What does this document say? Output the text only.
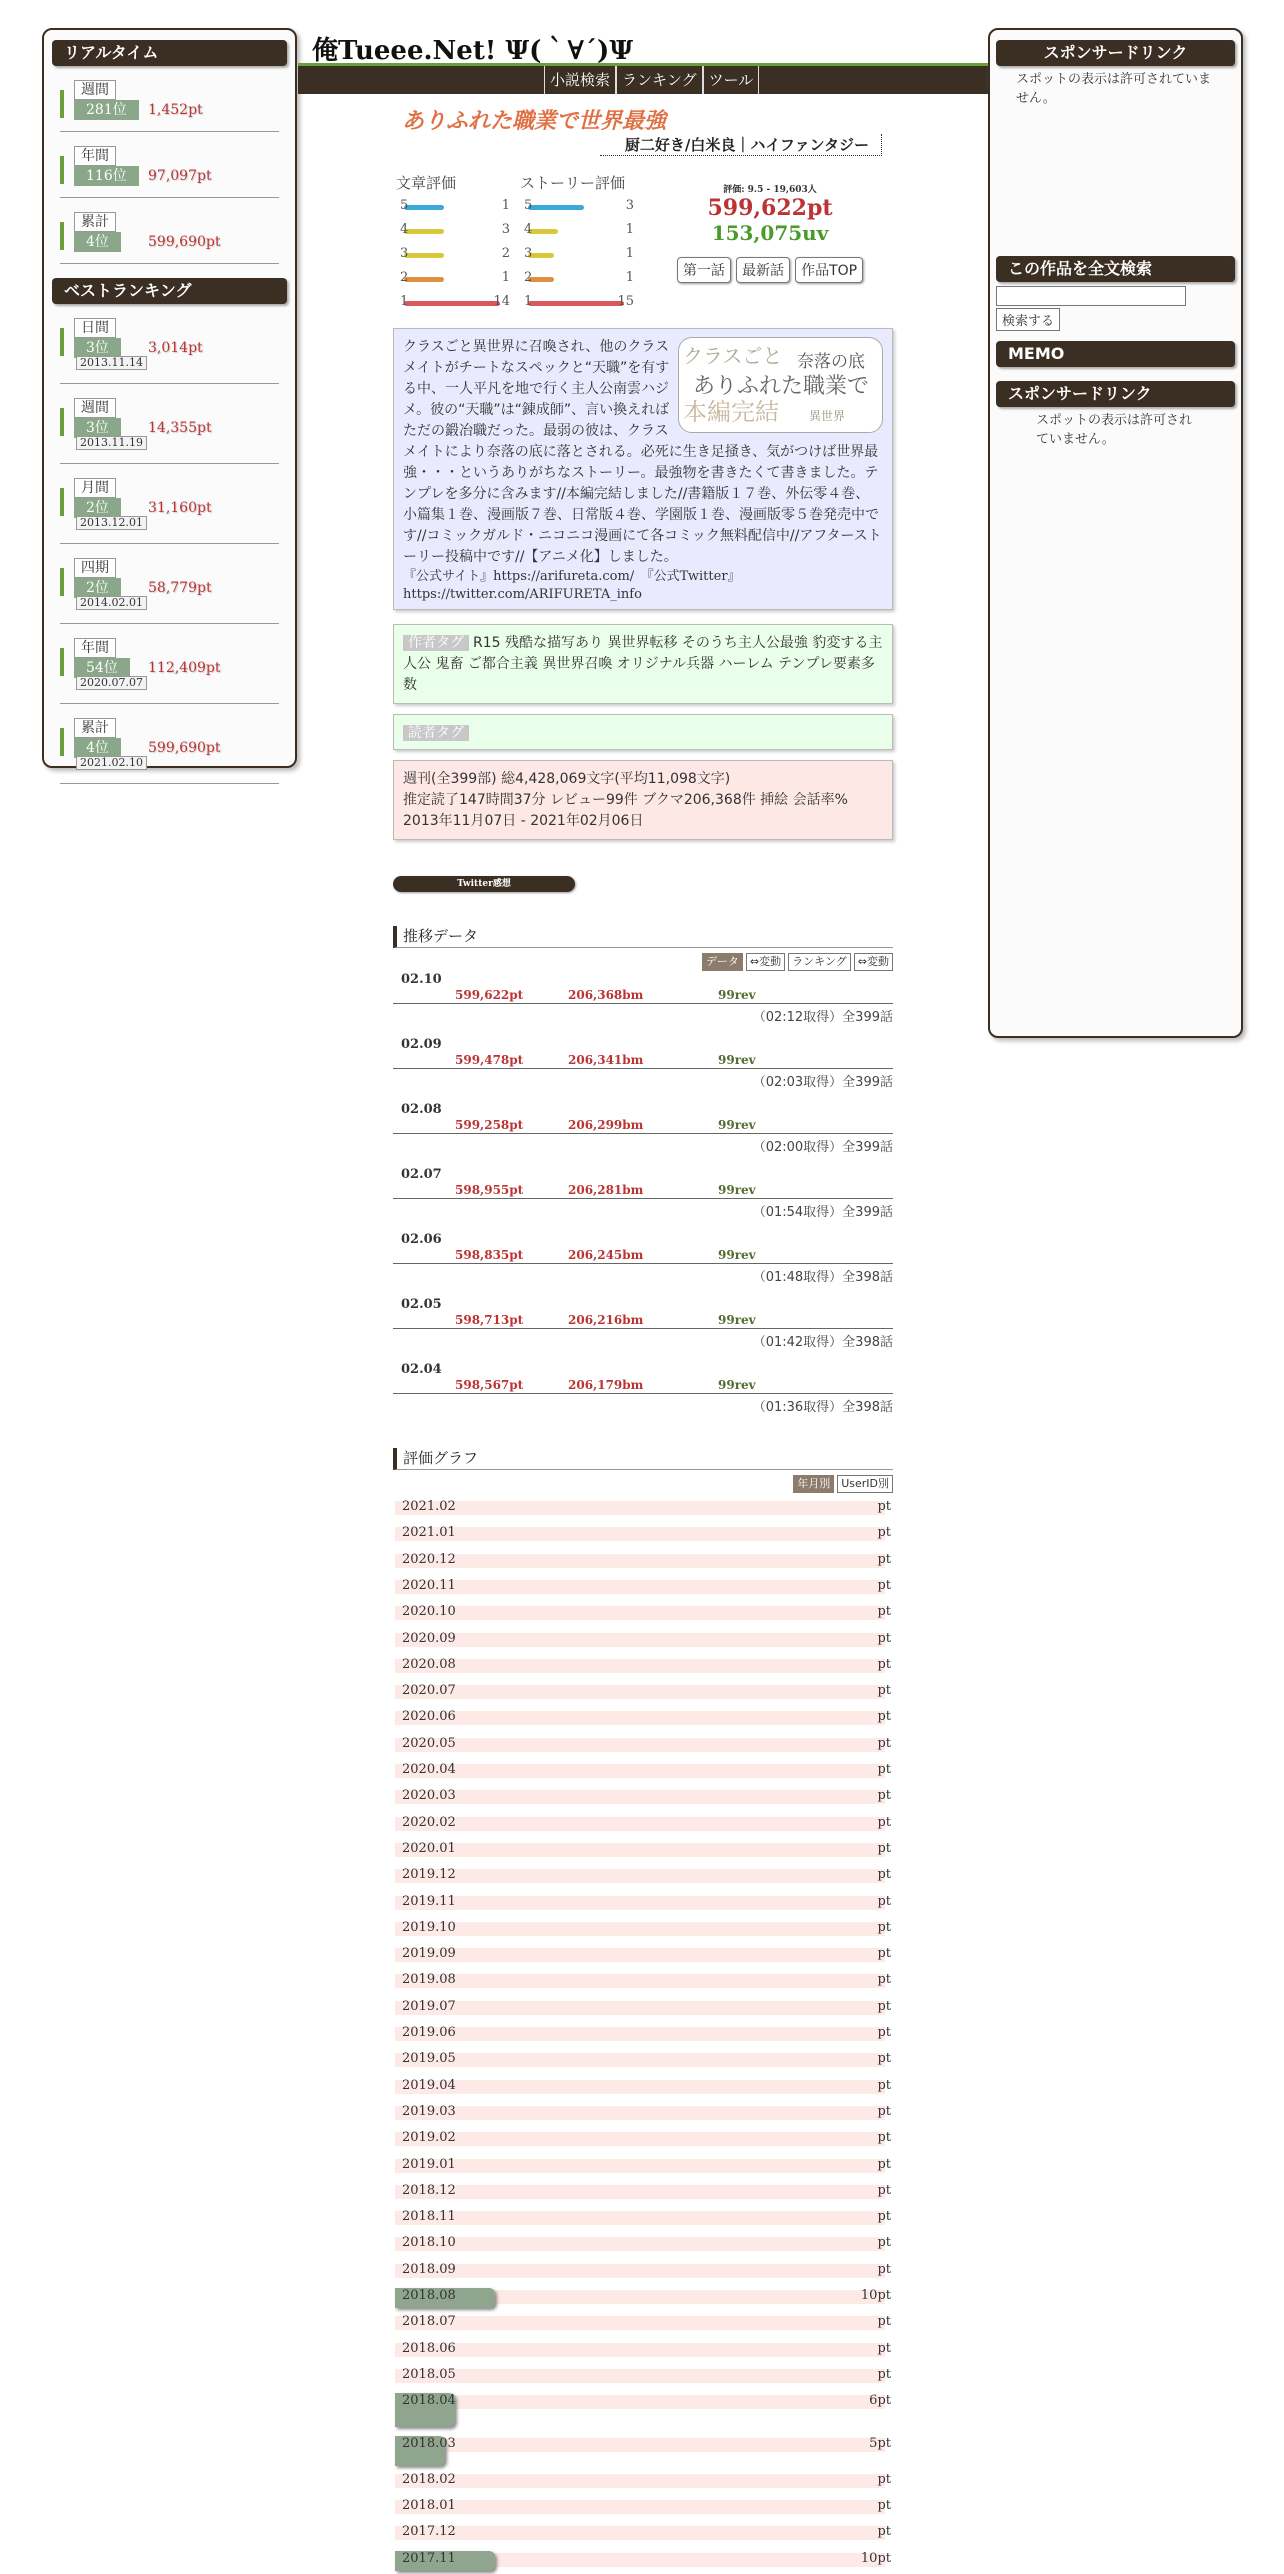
リアルタイム
週間
281位	1,452pt
年間
116位	97,097pt
累計
4位	599,690pt
ベストランキング
日間
3位	3,014pt
2013.11.14
週間
3位	14,355pt
2013.11.19
月間
2位	31,160pt
2013.12.01
四期
2位	58,779pt
2014.02.01
年間
54位	112,409pt
2020.07.07
累計
4位	599,690pt
2021.02.10
俺Tueee.Net! Ψ(｀∀´)Ψ
小説検索 ランキング ツール
ありふれた職業で世界最強
厨二好き/白米良｜ハイファンタジー
文章評価	ストーリー評価
5	1
4	3
3	2
2	1
1	14
5	3
4	1
3	1
2	1
1	15
評価: 9.5 - 19,603人
599,622pt
153,075uv
第一話 最新話 作品TOP
クラスごと 奈落の底
ありふれた職業で
本編完結	異世界
クラスごと異世界に召喚され、他のクラスメイトがチートなスペックと“天職”を有する中、一人平凡を地で行く主人公南雲ハジメ。彼の“天職”は“錬成師”、言い換えればただの鍛冶職だった。最弱の彼は、クラスメイトにより奈落の底に落とされる。必死に生き足掻き、気がつけば世界最強・・・というありがちなストーリー。最強物を書きたくて書きました。テンプレを多分に含みます//本編完結しました//書籍版１７巻、外伝零４巻、小篇集１巻、漫画版７巻、日常版４巻、学園版１巻、漫画版零５巻発売中です//コミックガルド・ニコニコ漫画にて各コミック無料配信中//アフターストーリー投稿中です//【アニメ化】しました。
『公式サイト』https://arifureta.com/　『公式Twitter』https://twitter.com/ARIFURETA_info
作者タグ R15 残酷な描写あり 異世界転移 そのうち主人公最強 豹変する主人公 鬼畜 ご都合主義 異世界召喚 オリジナル兵器 ハーレム テンプレ要素多数
読者タグ
週刊(全399部) 総4,428,069文字(平均11,098文字)
推定読了147時間37分 レビュー99件 ブクマ206,368件 挿絵 会話率%
2013年11月07日 - 2021年02月06日
Twitter感想
推移データ
データ ⇔変動 ランキング ⇔変動
02.10
599,622pt	206,368bm	99rev
（02:12取得）全399話
02.09
599,478pt	206,341bm	99rev
（02:03取得）全399話
02.08
599,258pt	206,299bm	99rev
（02:00取得）全399話
02.07
598,955pt	206,281bm	99rev
（01:54取得）全399話
02.06
598,835pt	206,245bm	99rev
（01:48取得）全398話
02.05
598,713pt	206,216bm	99rev
（01:42取得）全398話
02.04
598,567pt	206,179bm	99rev
（01:36取得）全398話
評価グラフ
年月別 UserID別
2021.02	pt
2021.01	pt
2020.12	pt
2020.11	pt
2020.10	pt
2020.09	pt
2020.08	pt
2020.07	pt
2020.06	pt
2020.05	pt
2020.04	pt
2020.03	pt
2020.02	pt
2020.01	pt
2019.12	pt
2019.11	pt
2019.10	pt
2019.09	pt
2019.08	pt
2019.07	pt
2019.06	pt
2019.05	pt
2019.04	pt
2019.03	pt
2019.02	pt
2019.01	pt
2018.12	pt
2018.11	pt
2018.10	pt
2018.09	pt
2018.08	10pt
2018.07	pt
2018.06	pt
2018.05	pt
2018.04	6pt
2018.03	5pt
2018.02	pt
2018.01	pt
2017.12	pt
2017.11	10pt
スポンサードリンク
スポットの表示は許可されていません。
この作品を全文検索
検索する
MEMO
スポンサードリンク
スポットの表示は許可されていません。
